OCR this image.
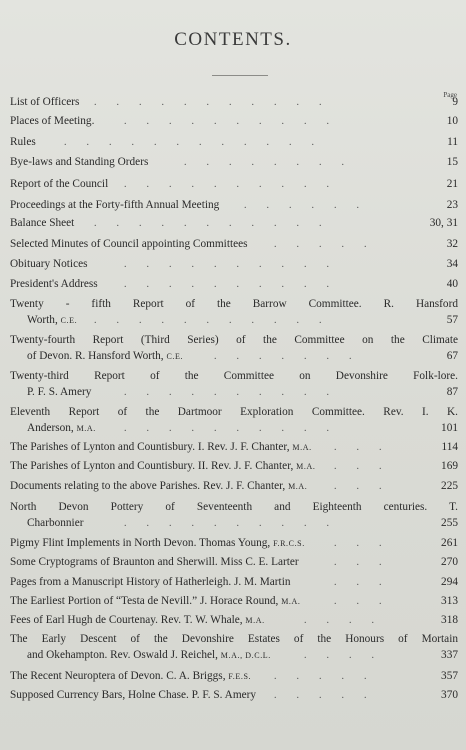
CONTENTS.
Page
List of Officers	9
...........
Places of Meeting.	10
..........
Rules	11
............
Bye-laws and Standing Orders	15
........
Report of the Council	21
..........
Proceedings at the Forty-fifth Annual Meeting	23
......
Balance Sheet	30, 31
...........
Selected Minutes of Council appointing Committees	32
.....
Obituary Notices	34
..........
President's Address	40
..........
Twenty - fifth Report of the Barrow Committee. R. Hansford
Worth, C.E.	57
...........
Twenty-fourth Report (Third Series) of the Committee on the Climate
of Devon. R. Hansford Worth, C.E.	67
.......
Twenty-third Report of the Committee on Devonshire Folk-lore.
P. F. S. Amery	87
..........
Eleventh Report of the Dartmoor Exploration Committee. Rev. I. K.
Anderson, M.A.	101
..........
The Parishes of Lynton and Countisbury. I. Rev. J. F. Chanter, M.A.	114
...
The Parishes of Lynton and Countisbury. II. Rev. J. F. Chanter, M.A.	169
...
Documents relating to the above Parishes. Rev. J. F. Chanter, M.A.	225
...
North Devon Pottery of Seventeenth and Eighteenth centuries. T.
Charbonnier	255
..........
Pigmy Flint Implements in North Devon. Thomas Young, F.R.C.S.	261
...
Some Cryptograms of Braunton and Sherwill. Miss C. E. Larter	270
...
Pages from a Manuscript History of Hatherleigh. J. M. Martin	294
...
The Earliest Portion of “Testa de Nevill.” J. Horace Round, M.A.	313
...
Fees of Earl Hugh de Courtenay. Rev. T. W. Whale, M.A.	318
....
The Early Descent of the Devonshire Estates of the Honours of Mortain
and Okehampton. Rev. Oswald J. Reichel, M.A., D.C.L.	337
....
The Recent Neuroptera of Devon. C. A. Briggs, F.E.S.	357
.....
Supposed Currency Bars, Holne Chase. P. F. S. Amery	370
.....
